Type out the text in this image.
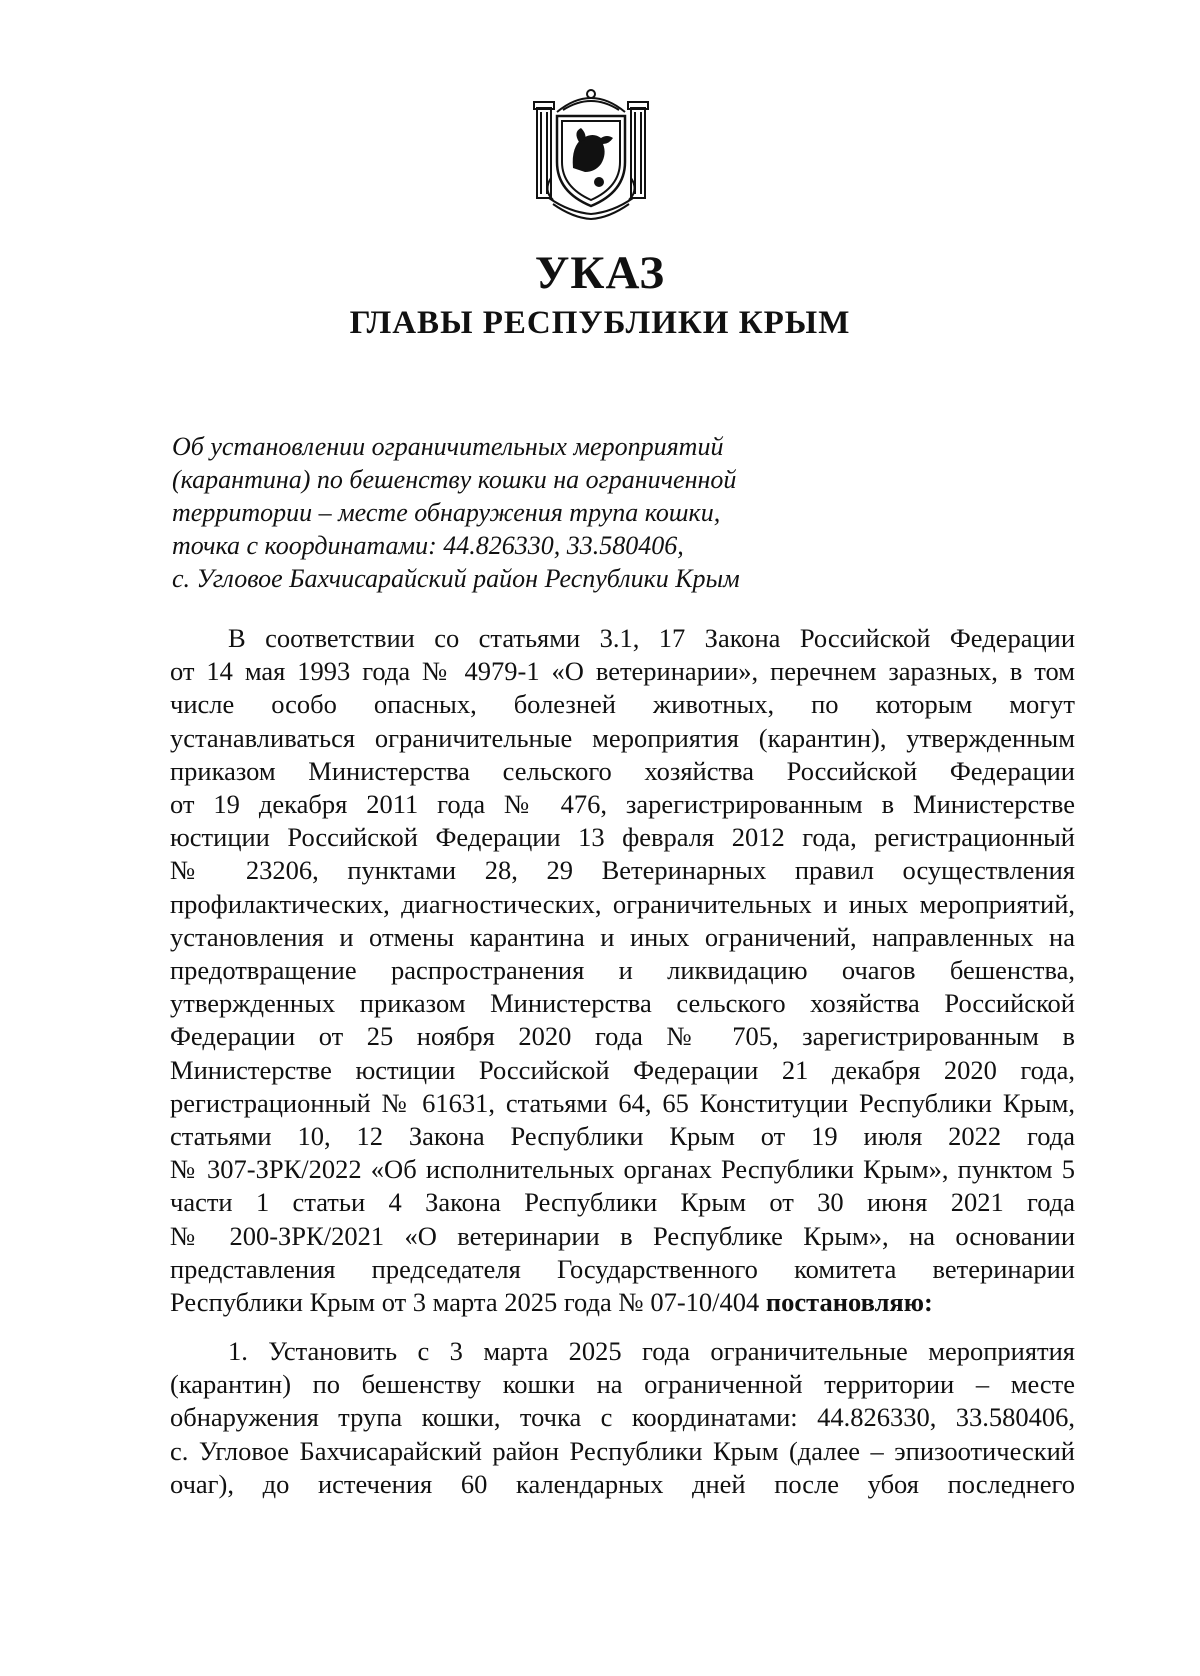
УКАЗ
ГЛАВЫ РЕСПУБЛИКИ КРЫМ
Об установлении ограничительных мероприятий
(карантина) по бешенству кошки на ограниченной
территории – месте обнаружения трупа кошки,
точка с координатами: 44.826330, 33.580406,
с. Угловое Бахчисарайский район Республики Крым
В соответствии со статьями 3.1, 17 Закона Российской Федерации
от 14 мая 1993 года № 4979-1 «О ветеринарии», перечнем заразных, в том
числе особо опасных, болезней животных, по которым могут
устанавливаться ограничительные мероприятия (карантин), утвержденным
приказом Министерства сельского хозяйства Российской Федерации
от 19 декабря 2011 года № 476, зарегистрированным в Министерстве
юстиции Российской Федерации 13 февраля 2012 года, регистрационный
№ 23206, пунктами 28, 29 Ветеринарных правил осуществления
профилактических, диагностических, ограничительных и иных мероприятий,
установления и отмены карантина и иных ограничений, направленных на
предотвращение распространения и ликвидацию очагов бешенства,
утвержденных приказом Министерства сельского хозяйства Российской
Федерации от 25 ноября 2020 года № 705, зарегистрированным в
Министерстве юстиции Российской Федерации 21 декабря 2020 года,
регистрационный № 61631, статьями 64, 65 Конституции Республики Крым,
статьями 10, 12 Закона Республики Крым от 19 июля 2022 года
№ 307-ЗРК/2022 «Об исполнительных органах Республики Крым», пунктом 5
части 1 статьи 4 Закона Республики Крым от 30 июня 2021 года
№ 200-ЗРК/2021 «О ветеринарии в Республике Крым», на основании
представления председателя Государственного комитета ветеринарии
Республики Крым от 3 марта 2025 года № 07-10/404 постановляю:
1. Установить с 3 марта 2025 года ограничительные мероприятия
(карантин) по бешенству кошки на ограниченной территории – месте
обнаружения трупа кошки, точка с координатами: 44.826330, 33.580406,
с. Угловое Бахчисарайский район Республики Крым (далее – эпизоотический
очаг), до истечения 60 календарных дней после убоя последнего
